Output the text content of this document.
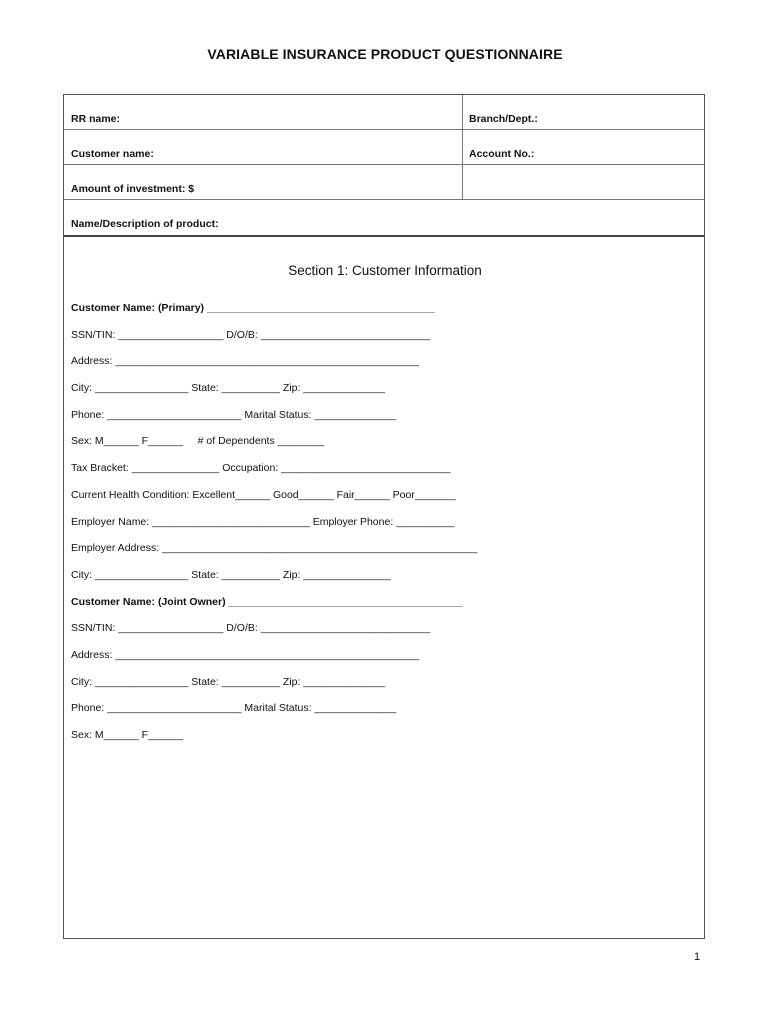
VARIABLE INSURANCE PRODUCT QUESTIONNAIRE
RR name:	Branch/Dept.:
Customer name:	Account No.:
Amount of investment: $
Name/Description of product:
Section 1: Customer Information
Customer Name: (Primary) _______________________________________
SSN/TIN: __________________ D/O/B: _____________________________
Address: ____________________________________________________
City: ________________ State: __________ Zip: ______________
Phone: _______________________ Marital Status: ______________
Sex: M______ F______     # of Dependents ________
Tax Bracket: _______________ Occupation: _____________________________
Current Health Condition: Excellent______ Good______ Fair______ Poor_______
Employer Name: ___________________________ Employer Phone: __________
Employer Address: ______________________________________________________
City: ________________ State: __________ Zip: _______________
Customer Name: (Joint Owner) ________________________________________
SSN/TIN: __________________ D/O/B: _____________________________
Address: ____________________________________________________
City: ________________ State: __________ Zip: ______________
Phone: _______________________ Marital Status: ______________
Sex: M______ F______
1
